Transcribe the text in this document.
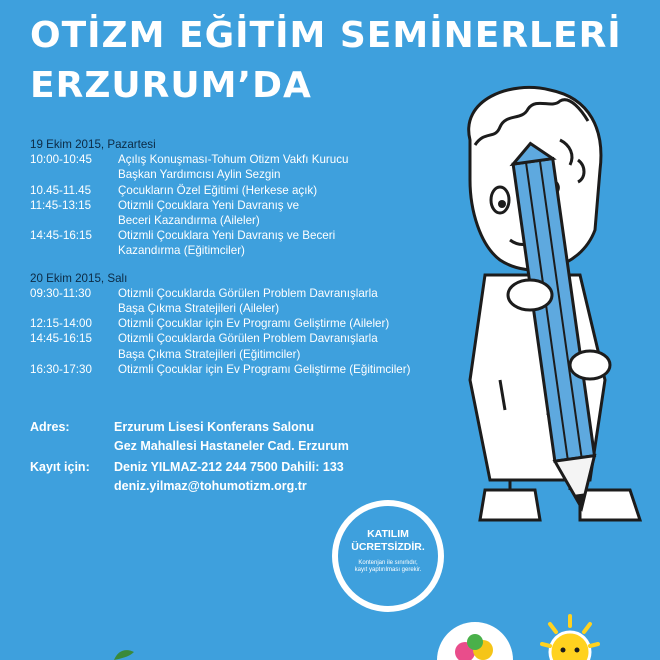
OTİZM EĞİTİM SEMİNERLERİ
ERZURUM’DA
19 Ekim 2015, Pazartesi
10:00-10:45	Açılış Konuşması-Tohum Otizm Vakfı Kurucu
Başkan Yardımcısı Aylin Sezgin
10.45-11.45	Çocukların Özel Eğitimi (Herkese açık)
11:45-13:15	Otizmli Çocuklara Yeni Davranış ve
Beceri Kazandırma (Aileler)
14:45-16:15	Otizmli Çocuklara Yeni Davranış ve Beceri
Kazandırma (Eğitimciler)
20 Ekim 2015, Salı
09:30-11:30	Otizmli Çocuklarda Görülen Problem Davranışlarla
Başa Çıkma Stratejileri (Aileler)
12:15-14:00	Otizmli Çocuklar için Ev Programı Geliştirme (Aileler)
14:45-16:15	Otizmli Çocuklarda Görülen Problem Davranışlarla
Başa Çıkma Stratejileri (Eğitimciler)
16:30-17:30	Otizmli Çocuklar için Ev Programı Geliştirme (Eğitimciler)
Adres:	Erzurum Lisesi Konferans Salonu
Gez Mahallesi Hastaneler Cad. Erzurum
Kayıt için:	Deniz YILMAZ-212 244 7500 Dahili: 133
deniz.yilmaz@tohumotizm.org.tr
KATILIM
ÜCRETSİZDİR.
Kontenjan ile sınırlıdır,
kayıt yaptırılması gerekir.
